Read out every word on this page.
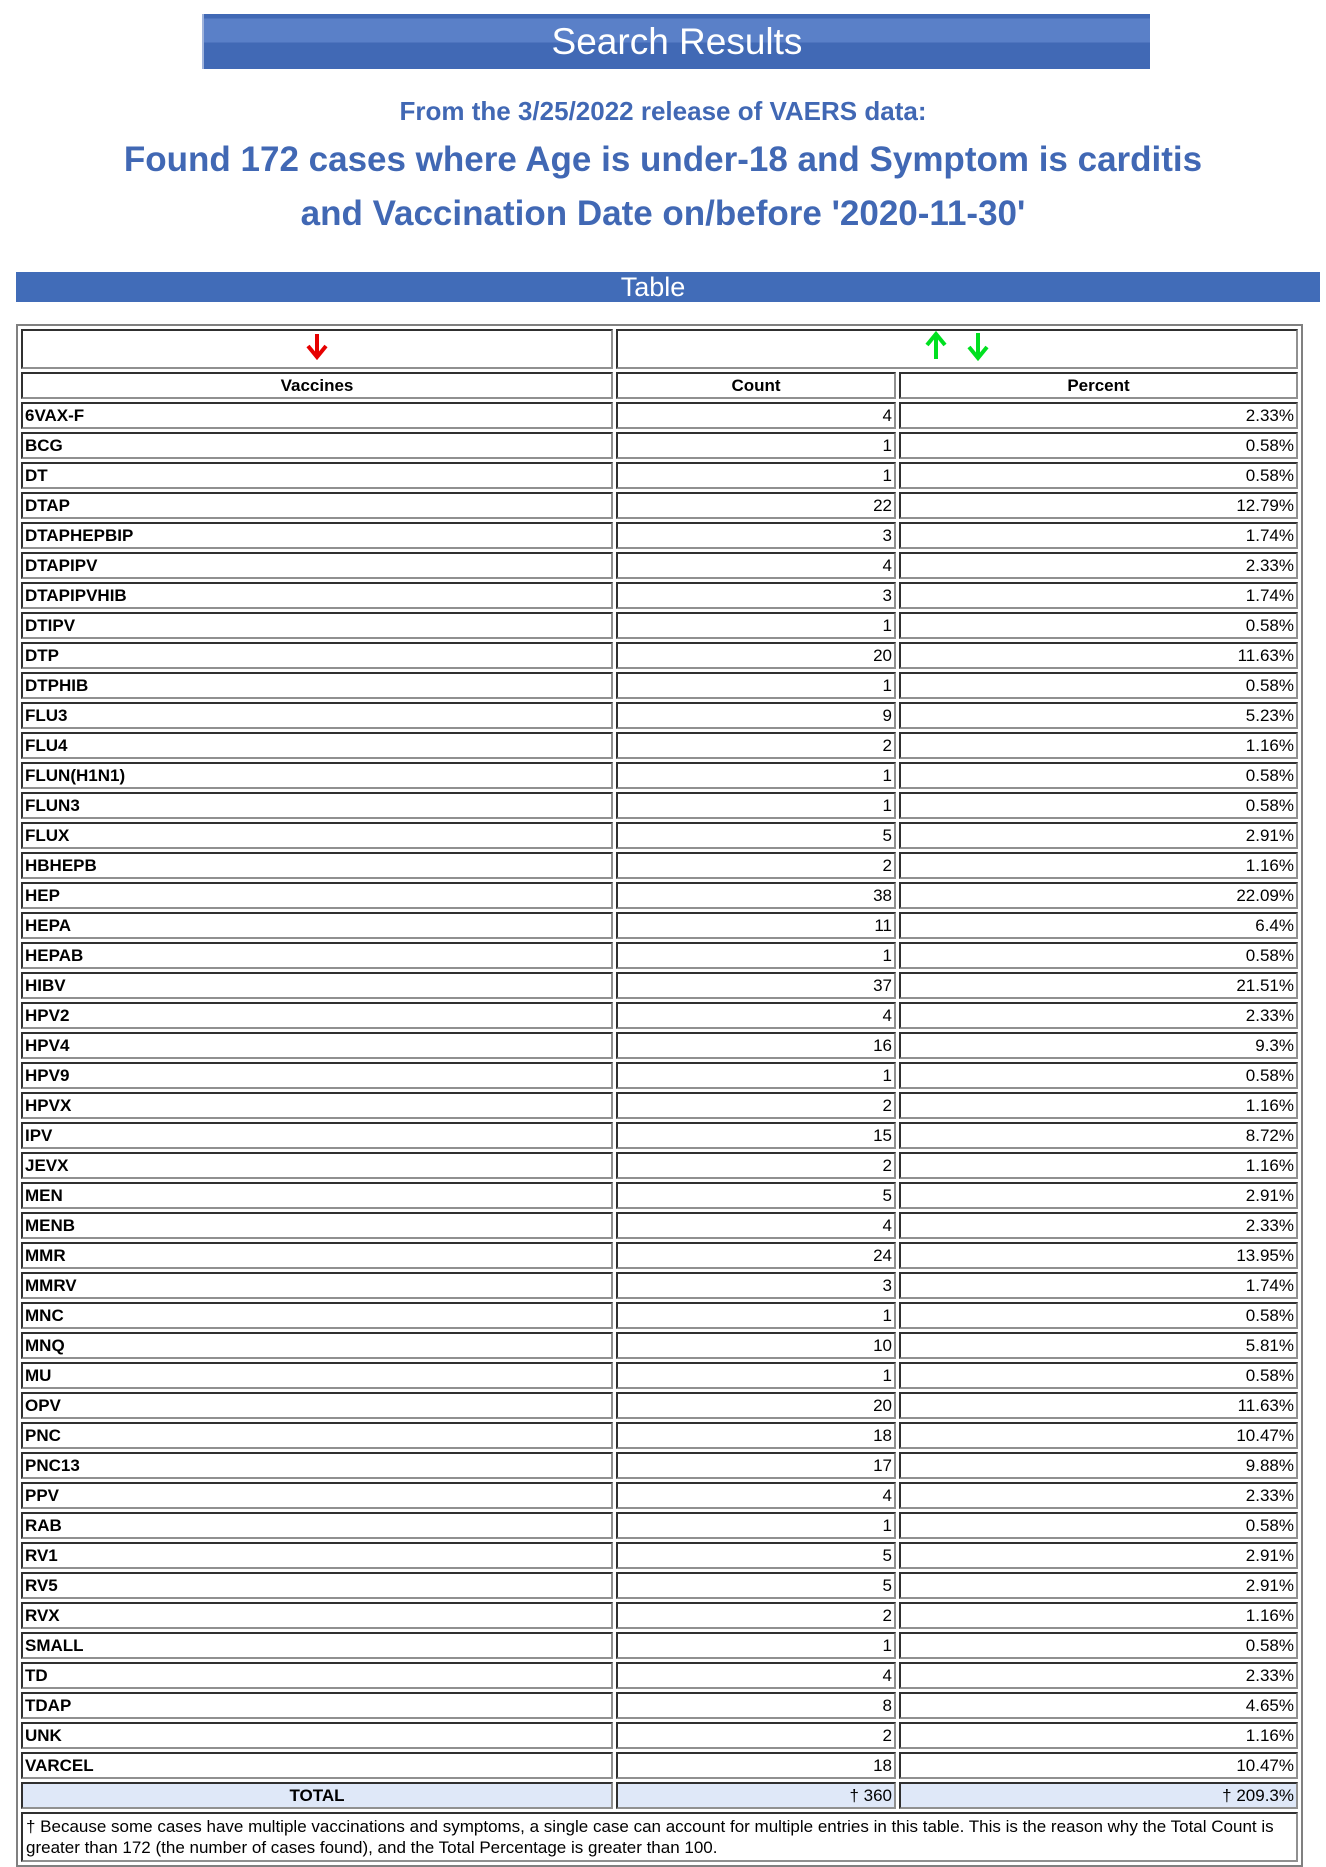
Search Results
From the 3/25/2022 release of VAERS data:
Found 172 cases where Age is under-18 and Symptom is carditis
and Vaccination Date on/before '2020-11-30'
Table

Vaccines	Count	Percent
6VAX-F	4	2.33%
BCG	1	0.58%
DT	1	0.58%
DTAP	22	12.79%
DTAPHEPBIP	3	1.74%
DTAPIPV	4	2.33%
DTAPIPVHIB	3	1.74%
DTIPV	1	0.58%
DTP	20	11.63%
DTPHIB	1	0.58%
FLU3	9	5.23%
FLU4	2	1.16%
FLUN(H1N1)	1	0.58%
FLUN3	1	0.58%
FLUX	5	2.91%
HBHEPB	2	1.16%
HEP	38	22.09%
HEPA	11	6.4%
HEPAB	1	0.58%
HIBV	37	21.51%
HPV2	4	2.33%
HPV4	16	9.3%
HPV9	1	0.58%
HPVX	2	1.16%
IPV	15	8.72%
JEVX	2	1.16%
MEN	5	2.91%
MENB	4	2.33%
MMR	24	13.95%
MMRV	3	1.74%
MNC	1	0.58%
MNQ	10	5.81%
MU	1	0.58%
OPV	20	11.63%
PNC	18	10.47%
PNC13	17	9.88%
PPV	4	2.33%
RAB	1	0.58%
RV1	5	2.91%
RV5	5	2.91%
RVX	2	1.16%
SMALL	1	0.58%
TD	4	2.33%
TDAP	8	4.65%
UNK	2	1.16%
VARCEL	18	10.47%
TOTAL	† 360	† 209.3%
† Because some cases have multiple vaccinations and symptoms, a single case can account for multiple entries in this table. This is the reason why the Total Count is greater than 172 (the number of cases found), and the Total Percentage is greater than 100.		
